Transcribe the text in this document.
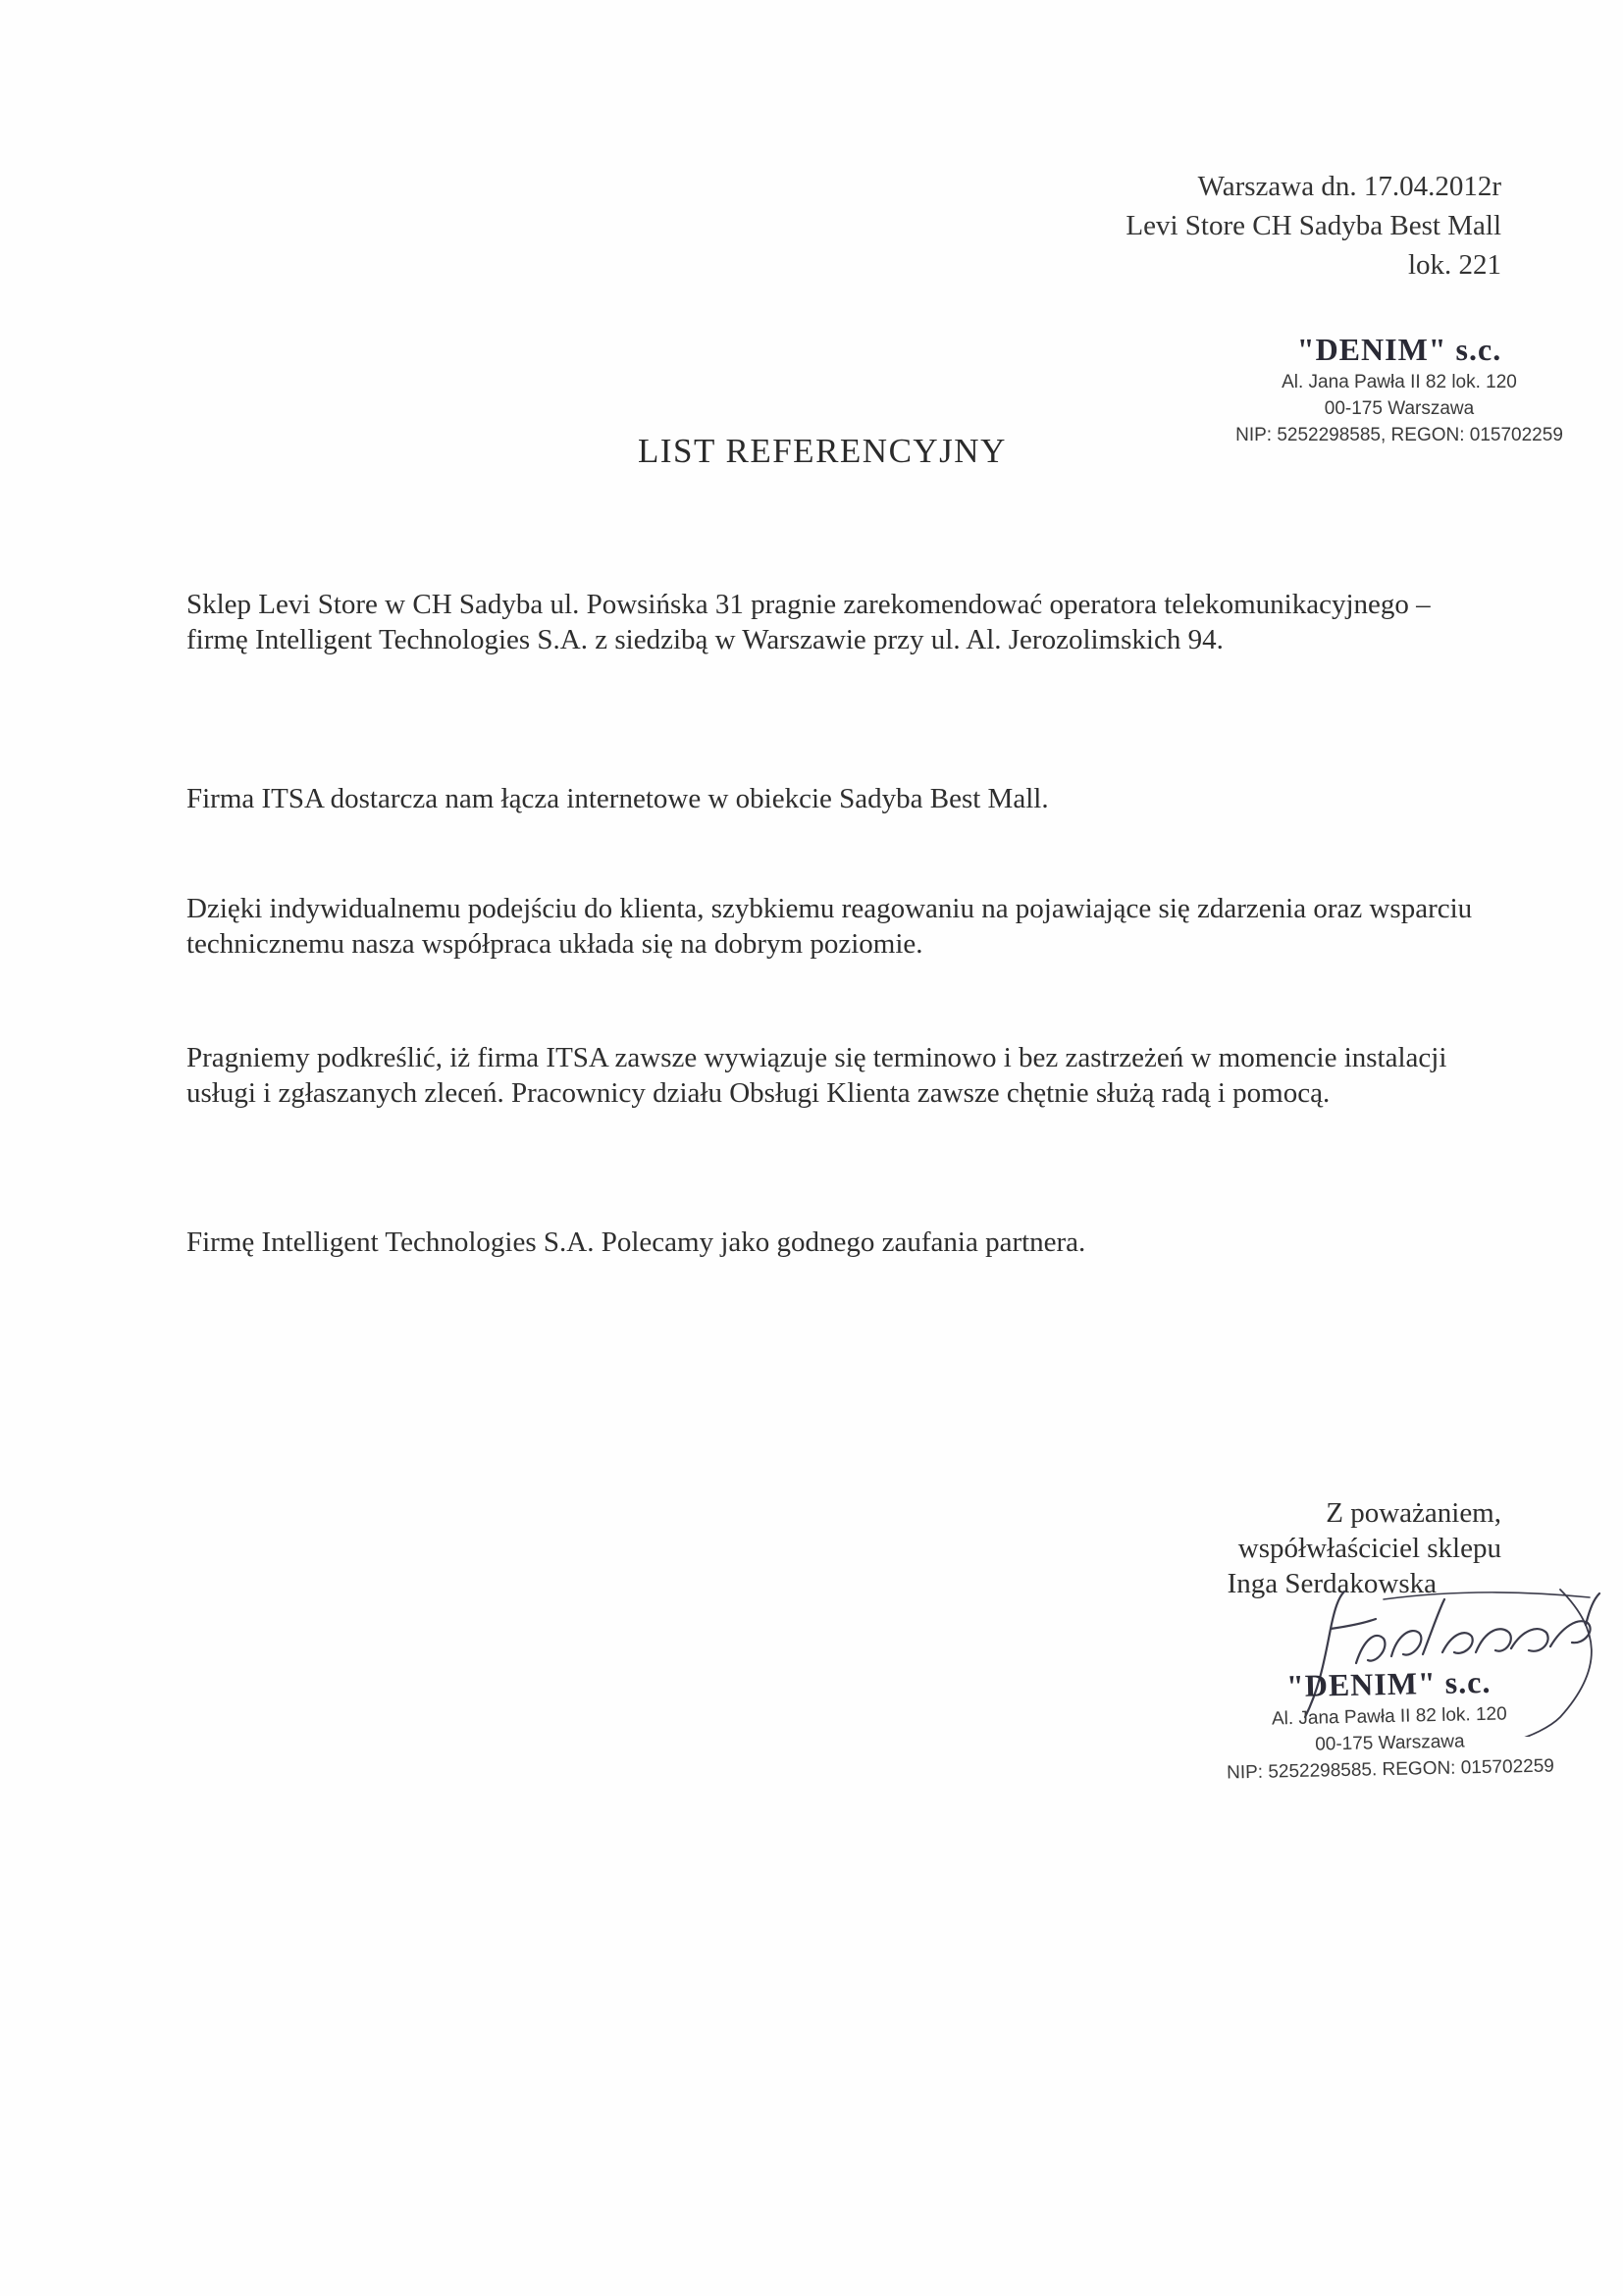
Warszawa dn. 17.04.2012r
Levi Store CH Sadyba Best Mall
lok. 221
"DENIM" s.c.
Al. Jana Pawła II 82 lok. 120
00-175 Warszawa
NIP: 5252298585, REGON: 015702259
LIST REFERENCYJNY
Sklep Levi Store w CH Sadyba ul. Powsińska 31 pragnie zarekomendować operatora telekomunikacyjnego – firmę Intelligent Technologies S.A. z siedzibą w Warszawie przy ul. Al. Jerozolimskich 94.
Firma ITSA dostarcza nam łącza internetowe w obiekcie Sadyba Best Mall.
Dzięki indywidualnemu podejściu do klienta, szybkiemu reagowaniu na pojawiające się zdarzenia oraz wsparciu technicznemu nasza współpraca układa się na dobrym poziomie.
Pragniemy podkreślić, iż firma ITSA zawsze wywiązuje się terminowo i bez zastrzeżeń w momencie instalacji usługi i zgłaszanych zleceń. Pracownicy działu Obsługi Klienta zawsze chętnie służą radą i pomocą.
Firmę Intelligent Technologies S.A. Polecamy jako godnego zaufania partnera.
Z poważaniem,
współwłaściciel sklepu
Inga Serdakowska
"DENIM" s.c.
Al. Jana Pawła II 82 lok. 120
00-175 Warszawa
NIP: 5252298585. REGON: 015702259
